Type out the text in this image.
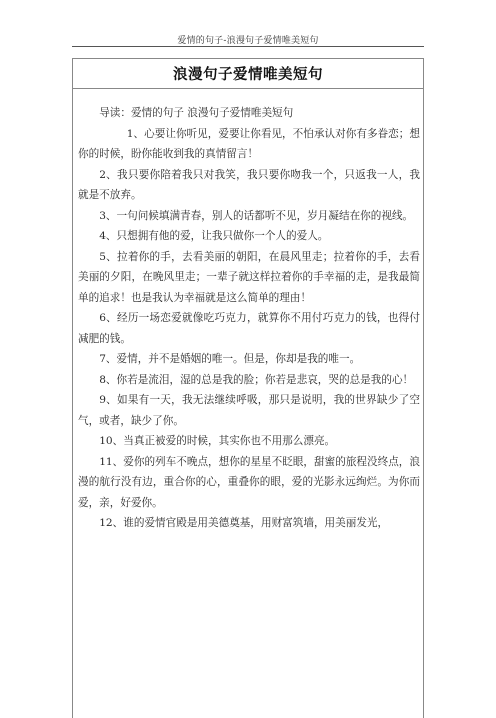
爱情的句子-浪漫句子爱情唯美短句
浪漫句子爱情唯美短句

导读：爱情的句子 浪漫句子爱情唯美短句

1、心要让你听见，爱要让你看见，不怕承认对你有多眷恋；想你的时候，盼你能收到我的真情留言！

2、我只要你陪着我只对我笑，我只要你吻我一个，只返我一人，我就是不放弃。

3、一句问候填满青春，别人的话都听不见，岁月凝结在你的视线。

4、只想拥有他的爱，让我只做你一个人的爱人。

5、拉着你的手，去看美丽的朝阳，在晨风里走；拉着你的手，去看美丽的夕阳，在晚风里走；一辈子就这样拉着你的手幸福的走，是我最简单的追求！也是我认为幸福就是这么简单的理由！

6、经历一场恋爱就像吃巧克力，就算你不用付巧克力的钱，也得付减肥的钱。

7、爱情，并不是婚姻的唯一。但是，你却是我的唯一。

8、你若是流泪，湿的总是我的脸；你若是悲哀，哭的总是我的心！

9、如果有一天，我无法继续呼吸，那只是说明，我的世界缺少了空气，或者，缺少了你。

10、当真正被爱的时候，其实你也不用那么漂亮。

11、爱你的列车不晚点，想你的星星不眨眼，甜蜜的旅程没终点，浪漫的航行没有边，重合你的心，重叠你的眼，爱的光影永远绚烂。为你而爱，亲，好爱你。

12、谁的爱情官殿是用美德奠基，用财富筑墙，用美丽发光，
